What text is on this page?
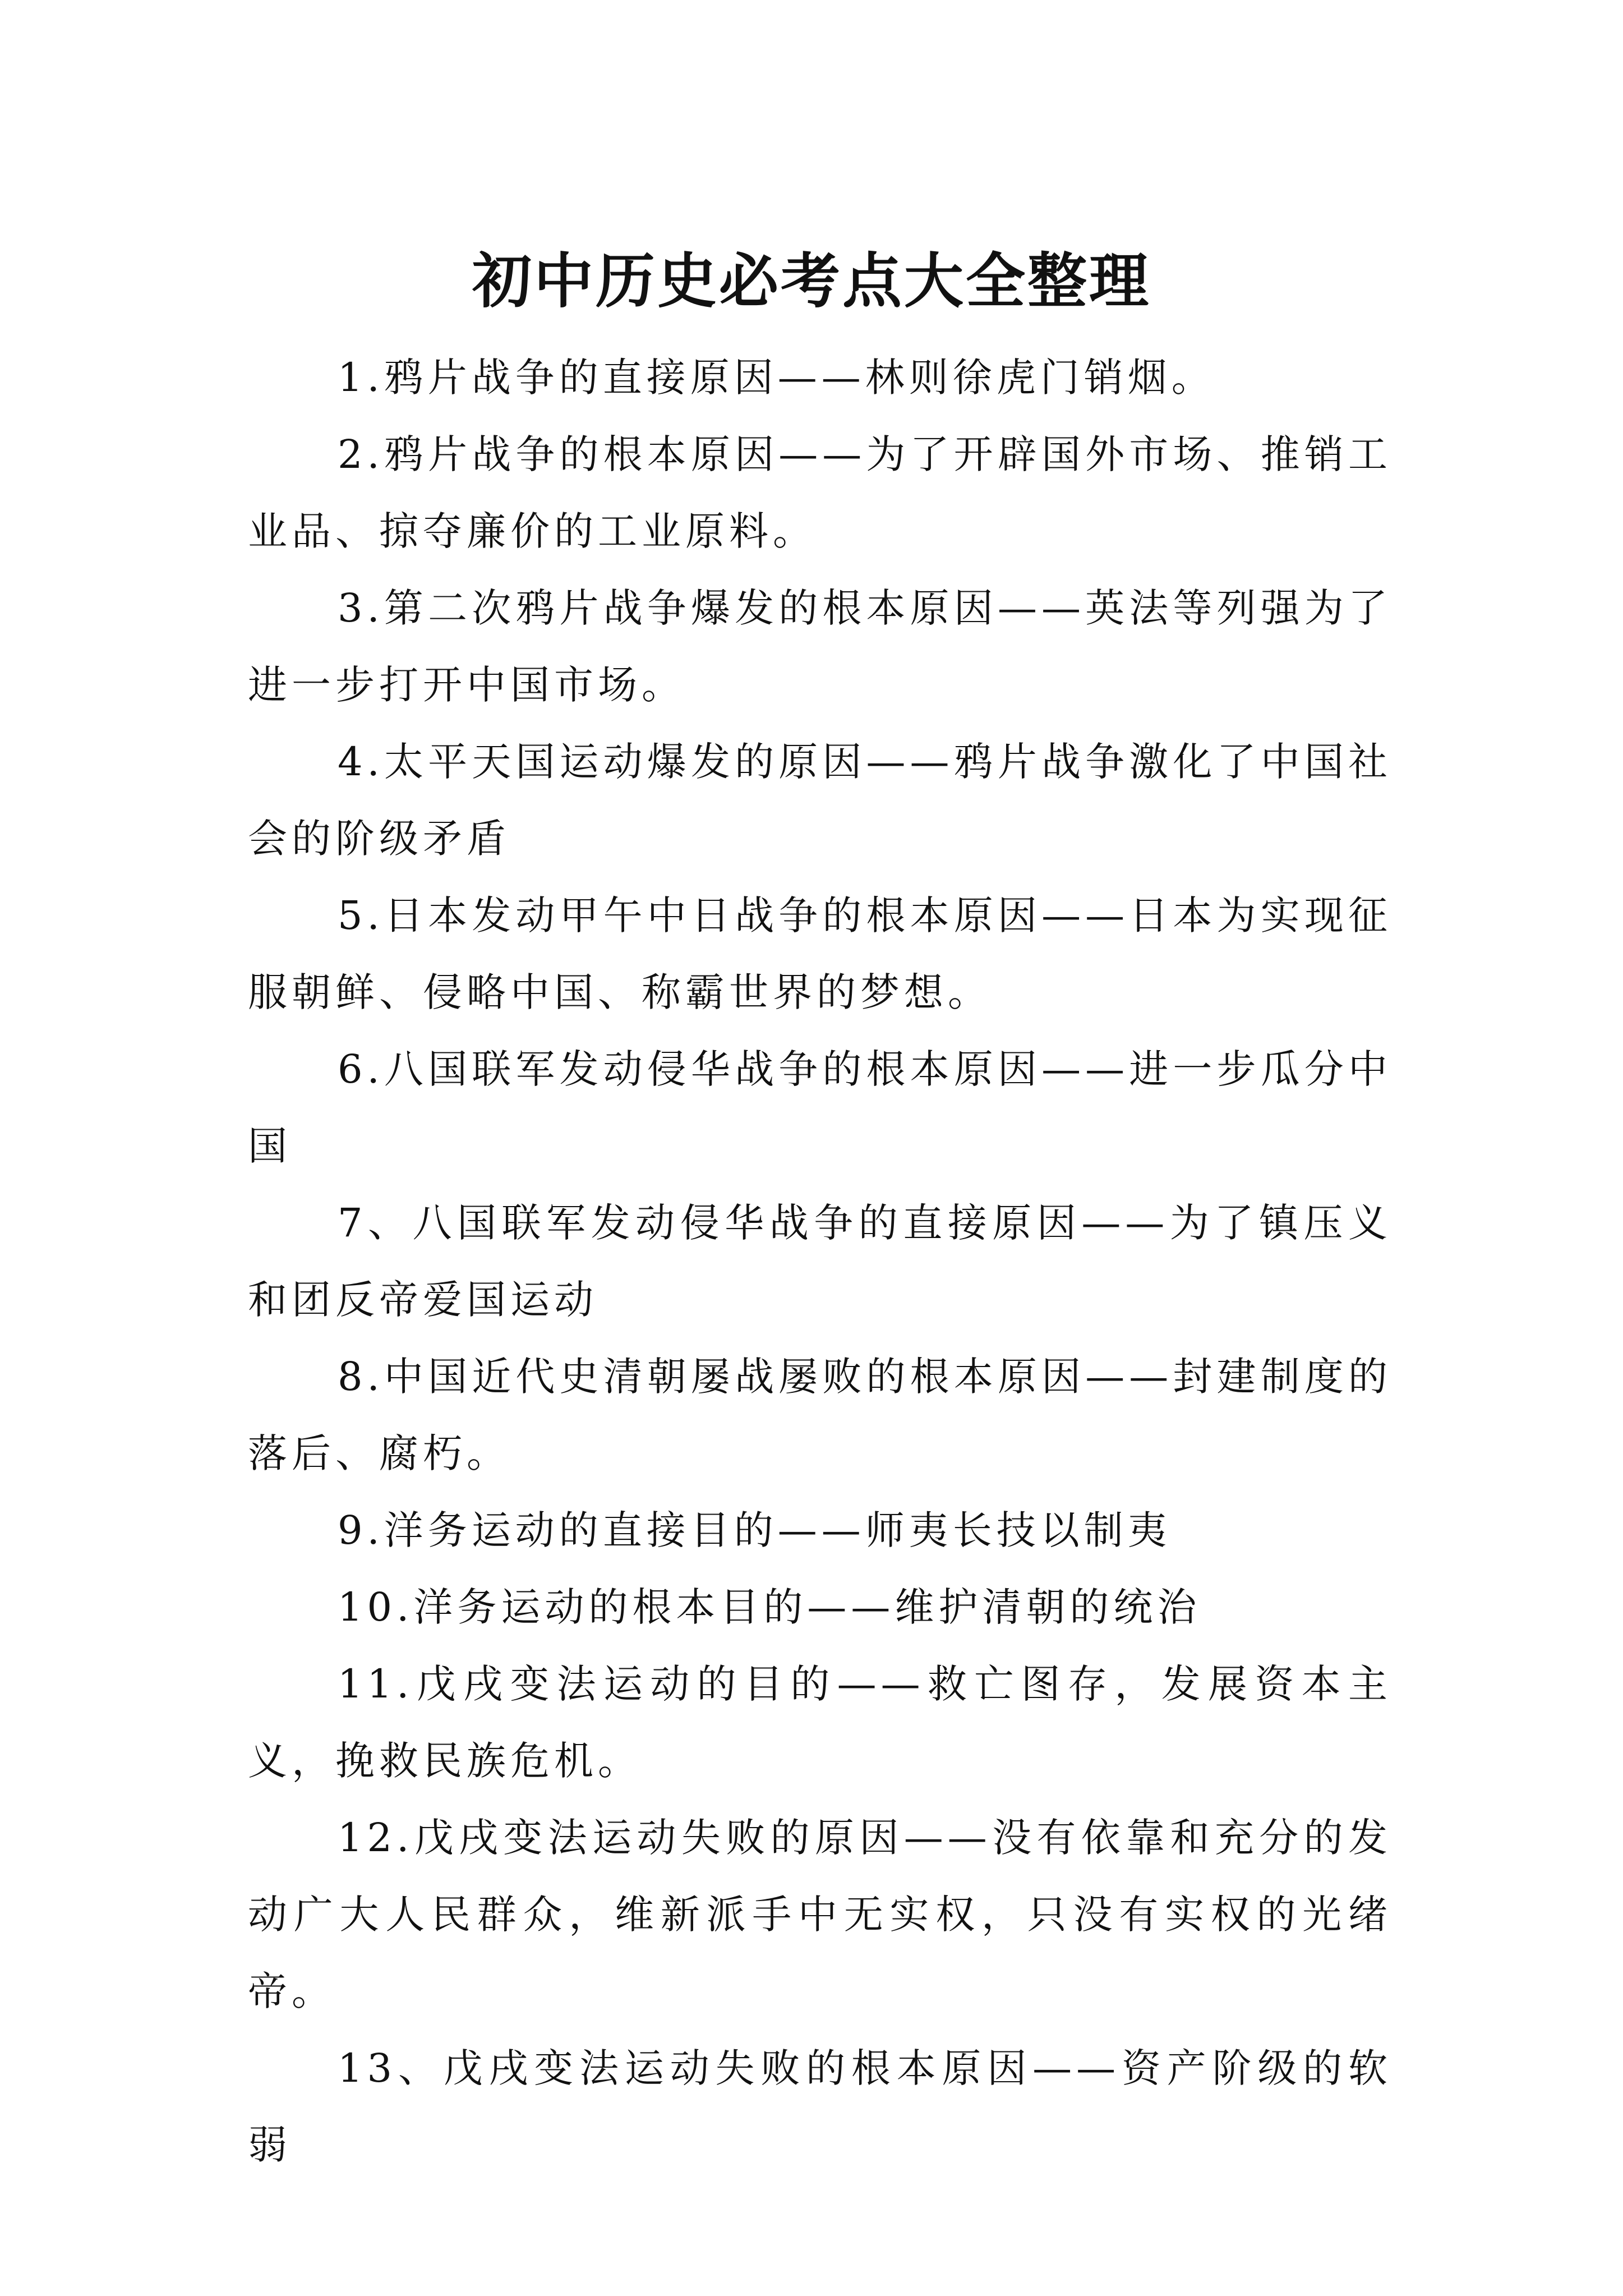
初中历史必考点大全整理

1.鸦片战争的直接原因——林则徐虎门销烟。

2.鸦片战争的根本原因——为了开辟国外市场、推销工业品、掠夺廉价的工业原料。

3.第二次鸦片战争爆发的根本原因——英法等列强为了进一步打开中国市场。

4.太平天国运动爆发的原因——鸦片战争激化了中国社会的阶级矛盾

5.日本发动甲午中日战争的根本原因——日本为实现征服朝鲜、侵略中国、称霸世界的梦想。

6.八国联军发动侵华战争的根本原因——进一步瓜分中国

7、八国联军发动侵华战争的直接原因——为了镇压义和团反帝爱国运动

8.中国近代史清朝屡战屡败的根本原因——封建制度的落后、腐朽。

9.洋务运动的直接目的——师夷长技以制夷

10.洋务运动的根本目的——维护清朝的统治

11.戊戌变法运动的目的——救亡图存，发展资本主义，挽救民族危机。

12.戊戌变法运动失败的原因——没有依靠和充分的发动广大人民群众，维新派手中无实权，只没有实权的光绪帝。

13、戊戌变法运动失败的根本原因——资产阶级的软弱
